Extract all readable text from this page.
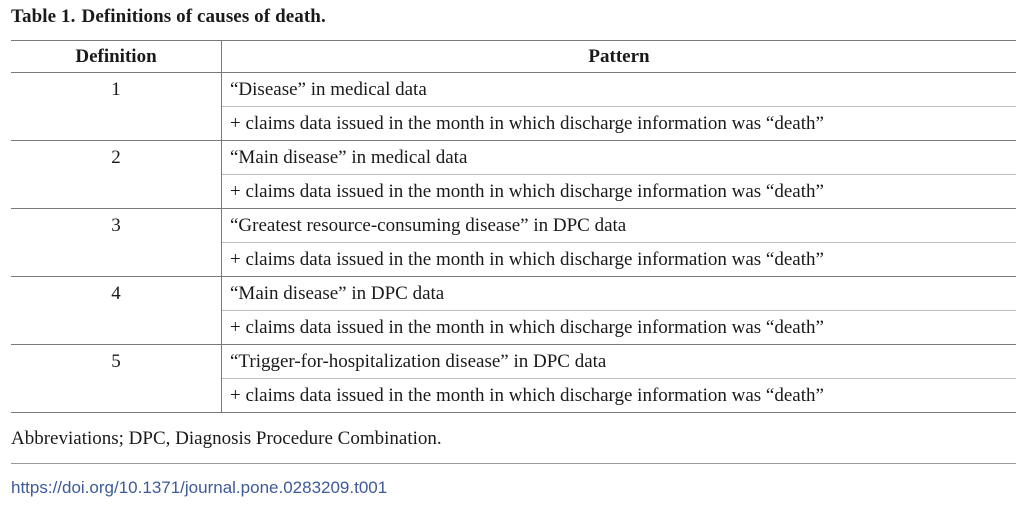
Table 1. Definitions of causes of death.
Definition	Pattern
1	“Disease” in medical data
	+ claims data issued in the month in which discharge information was “death”
2	“Main disease” in medical data
	+ claims data issued in the month in which discharge information was “death”
3	“Greatest resource-consuming disease” in DPC data
	+ claims data issued in the month in which discharge information was “death”
4	“Main disease” in DPC data
	+ claims data issued in the month in which discharge information was “death”
5	“Trigger-for-hospitalization disease” in DPC data
	+ claims data issued in the month in which discharge information was “death”
Abbreviations; DPC, Diagnosis Procedure Combination.
https://doi.org/10.1371/journal.pone.0283209.t001
